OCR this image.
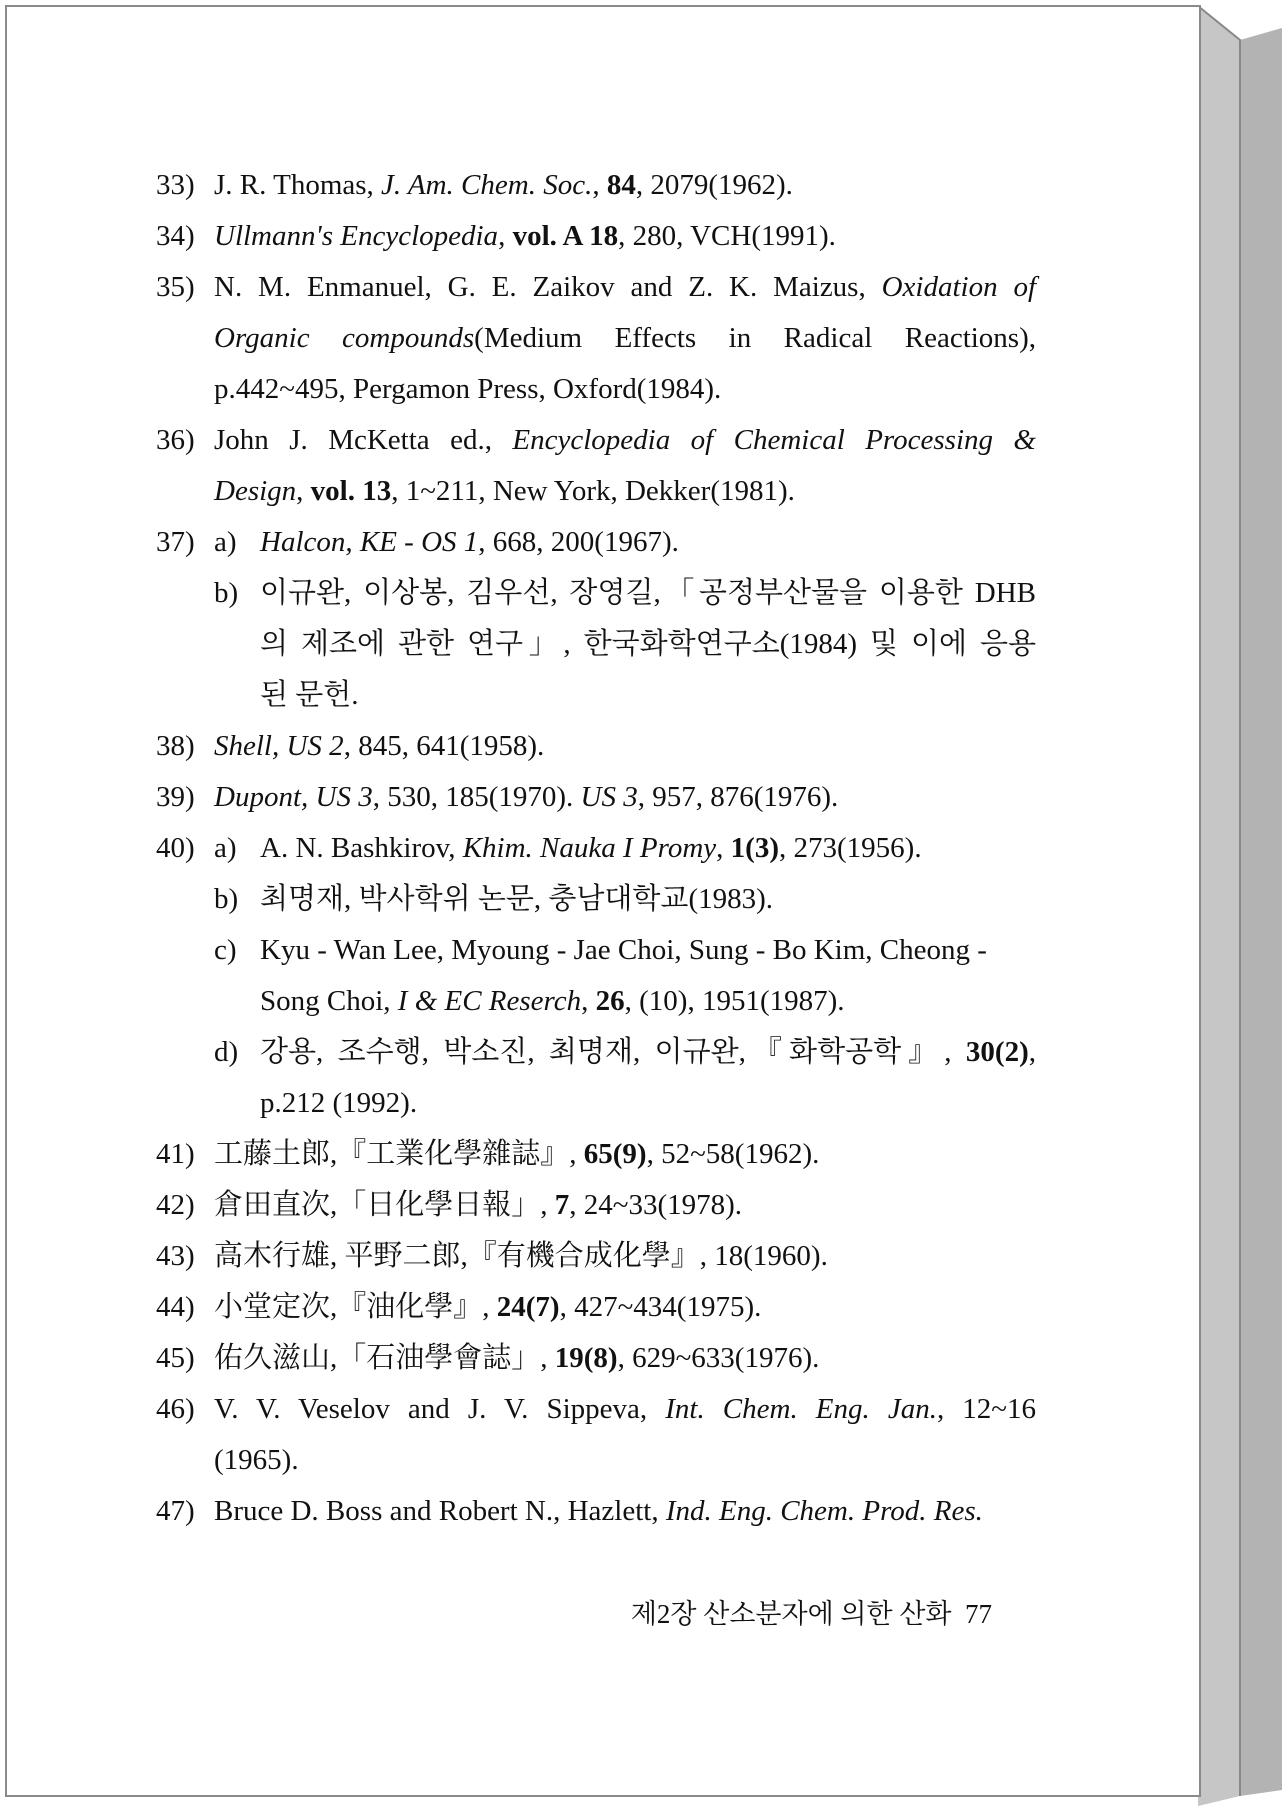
33) J. R. Thomas, J. Am. Chem. Soc., 84, 2079(1962).
34) Ullmann's Encyclopedia, vol. A 18, 280, VCH(1991).
35) N. M. Enmanuel, G. E. Zaikov and Z. K. Maizus, Oxidation of
Organic compounds(Medium Effects in Radical Reactions),
p.442~495, Pergamon Press, Oxford(1984).
36) John J. McKetta ed., Encyclopedia of Chemical Processing &
Design, vol. 13, 1~211, New York, Dekker(1981).
37) a) Halcon, KE - OS 1, 668, 200(1967).
b) 이규완, 이상봉, 김우선, 장영길,「공정부산물을 이용한 DHB
의 제조에 관한 연구」, 한국화학연구소(1984) 및 이에 응용
된 문헌.
38) Shell, US 2, 845, 641(1958).
39) Dupont, US 3, 530, 185(1970). US 3, 957, 876(1976).
40) a) A. N. Bashkirov, Khim. Nauka I Promy, 1(3), 273(1956).
b) 최명재, 박사학위 논문, 충남대학교(1983).
c) Kyu - Wan Lee, Myoung - Jae Choi, Sung - Bo Kim, Cheong -
Song Choi, I & EC Reserch, 26, (10), 1951(1987).
d) 강용, 조수행, 박소진, 최명재, 이규완,『화학공학』, 30(2),
p.212 (1992).
41) 工藤土郎,『工業化學雜誌』, 65(9), 52~58(1962).
42) 倉田直次,「日化學日報」, 7, 24~33(1978).
43) 高木行雄, 平野二郎,『有機合成化學』, 18(1960).
44) 小堂定次,『油化學』, 24(7), 427~434(1975).
45) 佑久滋山,「石油學會誌」, 19(8), 629~633(1976).
46) V. V. Veselov and J. V. Sippeva, Int. Chem. Eng. Jan., 12~16
(1965).
47) Bruce D. Boss and Robert N., Hazlett, Ind. Eng. Chem. Prod. Res.
제2장 산소분자에 의한 산화 77
